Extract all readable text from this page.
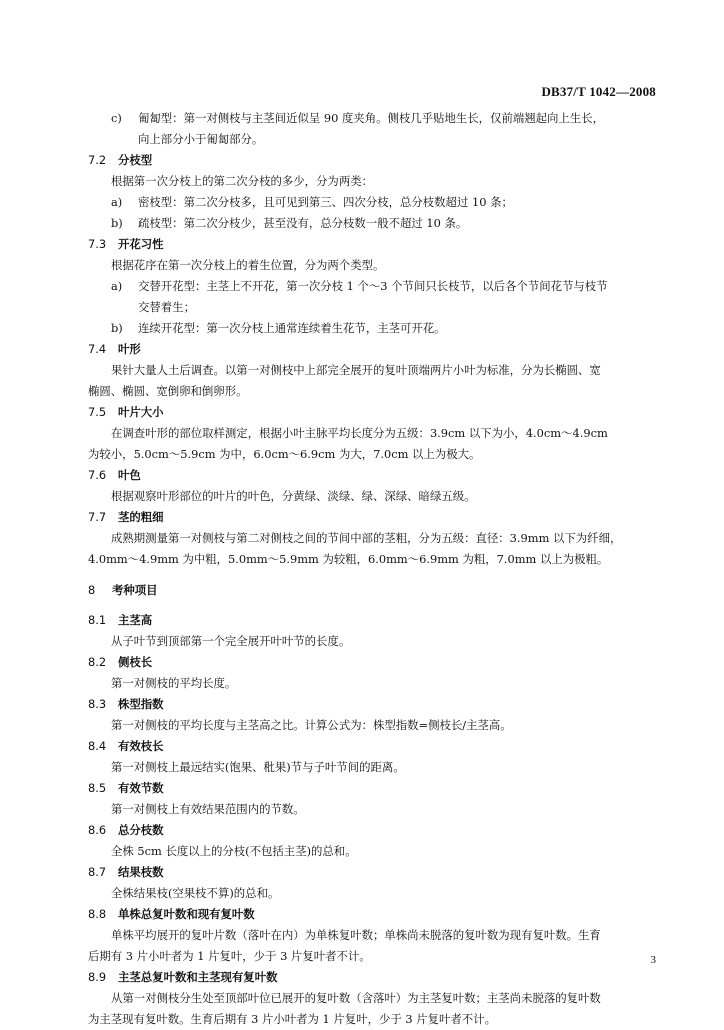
DB37/T 1042—2008
c) 匍匐型：第一对侧枝与主茎间近似呈 90 度夹角。侧枝几乎贴地生长，仅前端翘起向上生长，
向上部分小于匍匐部分。
7.2 分枝型
根据第一次分枝上的第二次分枝的多少，分为两类：
a) 密枝型：第二次分枝多，且可见到第三、四次分枝，总分枝数超过 10 条；
b) 疏枝型：第二次分枝少，甚至没有，总分枝数一般不超过 10 条。
7.3 开花习性
根据花序在第一次分枝上的着生位置，分为两个类型。
a) 交替开花型：主茎上不开花，第一次分枝 1 个～3 个节间只长枝节，以后各个节间花节与枝节
交替着生；
b) 连续开花型：第一次分枝上通常连续着生花节，主茎可开花。
7.4 叶形
果针大量人土后调查。以第一对侧枝中上部完全展开的复叶顶端两片小叶为标准，分为长椭圆、宽
椭圆、椭圆、宽倒卵和倒卵形。
7.5 叶片大小
在调查叶形的部位取样测定，根据小叶主脉平均长度分为五级：3.9cm 以下为小，4.0cm～4.9cm
为较小，5.0cm～5.9cm 为中，6.0cm～6.9cm 为大，7.0cm 以上为极大。
7.6 叶色
根据观察叶形部位的叶片的叶色，分黄绿、淡绿、绿、深绿、暗绿五级。
7.7 茎的粗细
成熟期测量第一对侧枝与第二对侧枝之间的节间中部的茎粗，分为五级：直径：3.9mm 以下为纤细，
4.0mm～4.9mm 为中粗，5.0mm～5.9mm 为较粗，6.0mm～6.9mm 为粗，7.0mm 以上为极粗。
8 考种项目
8.1 主茎高
从子叶节到顶部第一个完全展开叶叶节的长度。
8.2 侧枝长
第一对侧枝的平均长度。
8.3 株型指数
第一对侧枝的平均长度与主茎高之比。计算公式为：株型指数=侧枝长/主茎高。
8.4 有效枝长
第一对侧枝上最远结实(饱果、秕果)节与子叶节间的距离。
8.5 有效节数
第一对侧枝上有效结果范围内的节数。
8.6 总分枝数
全株 5cm 长度以上的分枝(不包括主茎)的总和。
8.7 结果枝数
全株结果枝(空果枝不算)的总和。
8.8 单株总复叶数和现有复叶数
单株平均展开的复叶片数（落叶在内）为单株复叶数；单株尚未脱落的复叶数为现有复叶数。生育
后期有 3 片小叶者为 1 片复叶，少于 3 片复叶者不计。
8.9 主茎总复叶数和主茎现有复叶数
从第一对侧枝分生处至顶部叶位已展开的复叶数（含落叶）为主茎复叶数；主茎尚未脱落的复叶数
为主茎现有复叶数。生育后期有 3 片小叶者为 1 片复叶，少于 3 片复叶者不计。
3
